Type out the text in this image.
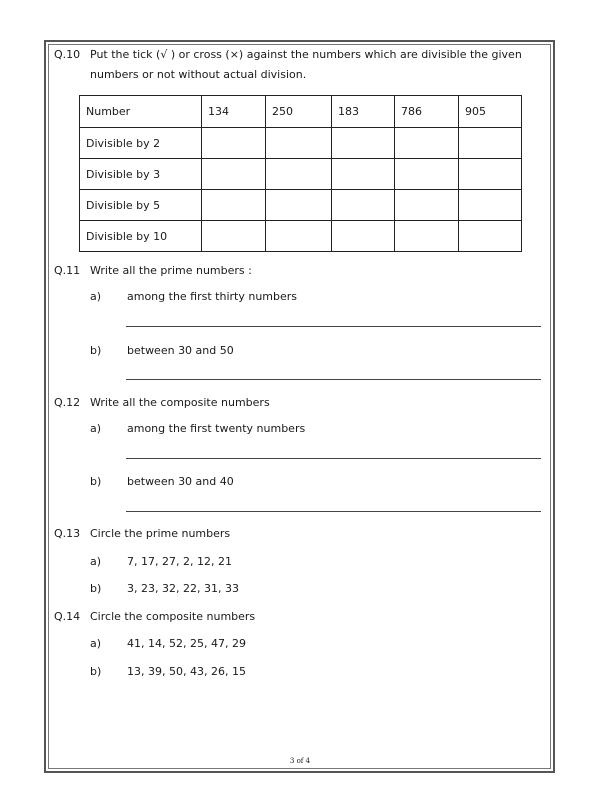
Q.10 Put the tick (√ ) or cross (×) against the numbers which are divisible the given
numbers or not without actual division.
Number	134	250	183	786	905
Divisible by 2					
Divisible by 3					
Divisible by 5					
Divisible by 10					
Q.11 Write all the prime numbers :
a) among the first thirty numbers
b) between 30 and 50
Q.12 Write all the composite numbers
a) among the first twenty numbers
b) between 30 and 40
Q.13 Circle the prime numbers
a) 7, 17, 27, 2, 12, 21
b) 3, 23, 32, 22, 31, 33
Q.14 Circle the composite numbers
a) 41, 14, 52, 25, 47, 29
b) 13, 39, 50, 43, 26, 15
3 of 4
